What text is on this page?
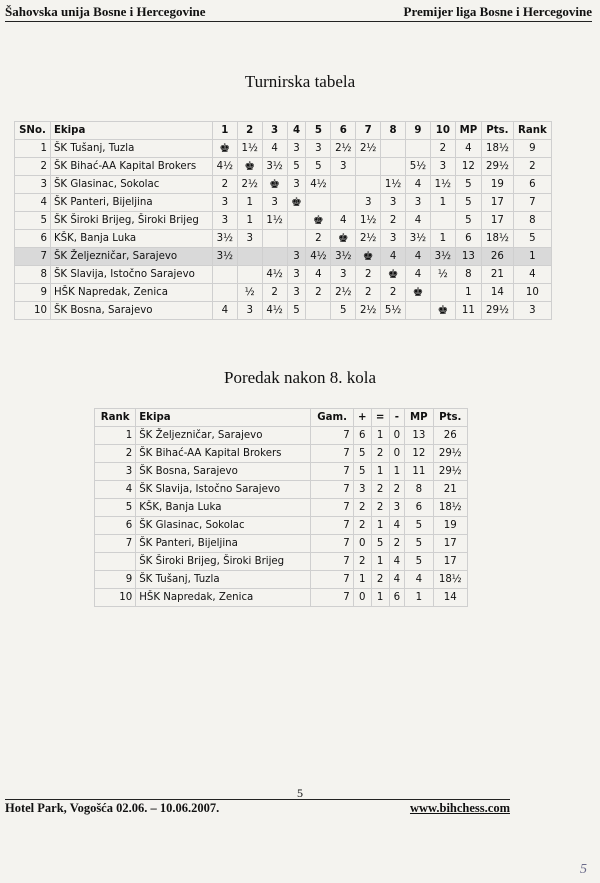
Šahovska unija Bosne i Hercegovine	Premijer liga Bosne i Hercegovine
Turnirska tabela
SNo.	Ekipa	1	2	3	4	5	6	7	8	9	10	MP	Pts.	Rank
1	ŠK Tušanj, Tuzla	♚	1½	4	3	3	2½	2½			2	4	18½	9
2	ŠK Bihać-AA Kapital Brokers	4½	♚	3½	5	5	3			5½	3	12	29½	2
3	ŠK Glasinac, Sokolac	2	2½	♚	3	4½			1½	4	1½	5	19	6
4	ŠK Panteri, Bijeljina	3	1	3	♚			3	3	3	1	5	17	7
5	ŠK Široki Brijeg, Široki Brijeg	3	1	1½		♚	4	1½	2	4		5	17	8
6	KŠK, Banja Luka	3½	3			2	♚	2½	3	3½	1	6	18½	5
7	ŠK Željezničar, Sarajevo	3½			3	4½	3½	♚	4	4	3½	13	26	1
8	ŠK Slavija, Istočno Sarajevo			4½	3	4	3	2	♚	4	½	8	21	4
9	HŠK Napredak, Zenica		½	2	3	2	2½	2	2	♚		1	14	10
10	ŠK Bosna, Sarajevo	4	3	4½	5		5	2½	5½		♚	11	29½	3
Poredak nakon 8. kola
Rank	Ekipa	Gam.	+	=	-	MP	Pts.
1	ŠK Željezničar, Sarajevo	7	6	1	0	13	26
2	ŠK Bihać-AA Kapital Brokers	7	5	2	0	12	29½
3	ŠK Bosna, Sarajevo	7	5	1	1	11	29½
4	ŠK Slavija, Istočno Sarajevo	7	3	2	2	8	21
5	KŠK, Banja Luka	7	2	2	3	6	18½
6	ŠK Glasinac, Sokolac	7	2	1	4	5	19
7	ŠK Panteri, Bijeljina	7	0	5	2	5	17
	ŠK Široki Brijeg, Široki Brijeg	7	2	1	4	5	17
9	ŠK Tušanj, Tuzla	7	1	2	4	4	18½
10	HŠK Napredak, Zenica	7	0	1	6	1	14
5
Hotel Park, Vogošća 02.06. – 10.06.2007.	www.bihchess.com
5
